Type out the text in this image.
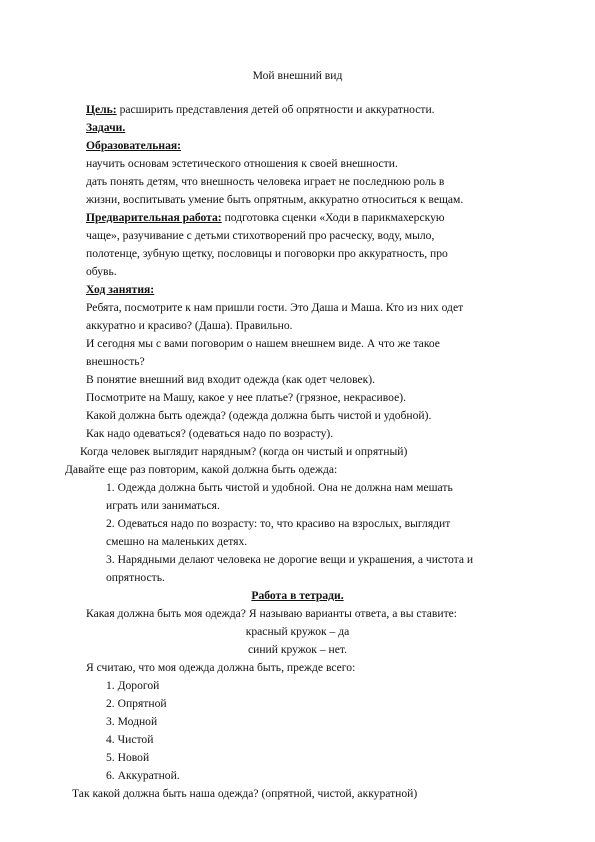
Мой внешний вид
Цель: расширить представления детей об опрятности и аккуратности.
Задачи.
Образовательная:
научить основам эстетического отношения к своей внешности.
дать понять детям, что внешность человека играет не последнюю роль в
жизни, воспитывать умение быть опрятным, аккуратно относиться к вещам.
Предварительная работа: подготовка сценки «Ходи в парикмахерскую
чаще», разучивание с детьми стихотворений про расческу, воду, мыло,
полотенце, зубную щетку, пословицы и поговорки про аккуратность, про
обувь.
Ход занятия:
Ребята, посмотрите к нам пришли гости. Это Даша и Маша. Кто из них одет
аккуратно и красиво? (Даша). Правильно.
И сегодня мы с вами поговорим о нашем внешнем виде. А что же такое
внешность?
В понятие внешний вид входит одежда (как одет человек).
Посмотрите на Машу, какое у нее платье? (грязное, некрасивое).
Какой должна быть одежда? (одежда должна быть чистой и удобной).
Как надо одеваться? (одеваться надо по возрасту).
Когда человек выглядит нарядным? (когда он чистый и опрятный)
Давайте еще раз повторим, какой должна быть одежда:
1. Одежда должна быть чистой и удобной. Она не должна нам мешать
играть или заниматься.
2. Одеваться надо по возрасту: то, что красиво на взрослых, выглядит
смешно на маленьких детях.
3. Нарядными делают человека не дорогие вещи и украшения, а чистота и
опрятность.
Работа в тетради.
Какая должна быть моя одежда? Я называю варианты ответа, а вы ставите:
красный кружок – да
синий кружок – нет.
Я считаю, что моя одежда должна быть, прежде всего:
1. Дорогой
2. Опрятной
3. Модной
4. Чистой
5. Новой
6. Аккуратной.
Так какой должна быть наша одежда? (опрятной, чистой, аккуратной)
